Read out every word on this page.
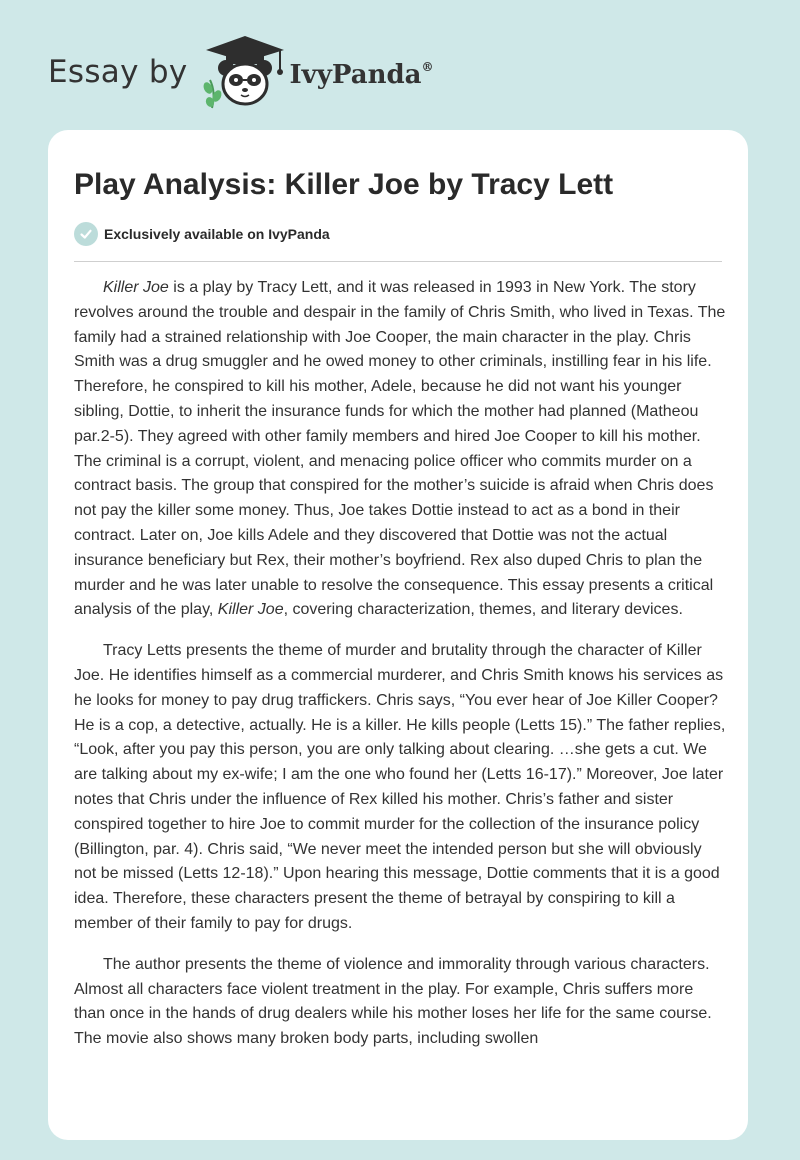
Essay by	IvyPanda®
Play Analysis: Killer Joe by Tracy Lett
Exclusively available on IvyPanda

Killer Joe is a play by Tracy Lett, and it was released in 1993 in New York. The story revolves around the trouble and despair in the family of Chris Smith, who lived in Texas. The family had a strained relationship with Joe Cooper, the main character in the play. Chris Smith was a drug smuggler and he owed money to other criminals, instilling fear in his life. Therefore, he conspired to kill his mother, Adele, because he did not want his younger sibling, Dottie, to inherit the insurance funds for which the mother had planned (Matheou par.2-5). They agreed with other family members and hired Joe Cooper to kill his mother. The criminal is a corrupt, violent, and menacing police officer who commits murder on a contract basis. The group that conspired for the mother’s suicide is afraid when Chris does not pay the killer some money. Thus, Joe takes Dottie instead to act as a bond in their contract. Later on, Joe kills Adele and they discovered that Dottie was not the actual insurance beneficiary but Rex, their mother’s boyfriend. Rex also duped Chris to plan the murder and he was later unable to resolve the consequence. This essay presents a critical analysis of the play, Killer Joe, covering characterization, themes, and literary devices.

Tracy Letts presents the theme of murder and brutality through the character of Killer Joe. He identifies himself as a commercial murderer, and Chris Smith knows his services as he looks for money to pay drug traffickers. Chris says, “You ever hear of Joe Killer Cooper? He is a cop, a detective, actually. He is a killer. He kills people (Letts 15).” The father replies, “Look, after you pay this person, you are only talking about clearing. …she gets a cut. We are talking about my ex-wife; I am the one who found her (Letts 16-17).” Moreover, Joe later notes that Chris under the influence of Rex killed his mother. Chris’s father and sister conspired together to hire Joe to commit murder for the collection of the insurance policy (Billington, par. 4). Chris said, “We never meet the intended person but she will obviously not be missed (Letts 12-18).” Upon hearing this message, Dottie comments that it is a good idea. Therefore, these characters present the theme of betrayal by conspiring to kill a member of their family to pay for drugs.

The author presents the theme of violence and immorality through various characters. Almost all characters face violent treatment in the play. For example, Chris suffers more than once in the hands of drug dealers while his mother loses her life for the same course. The movie also shows many broken body parts, including swollen
